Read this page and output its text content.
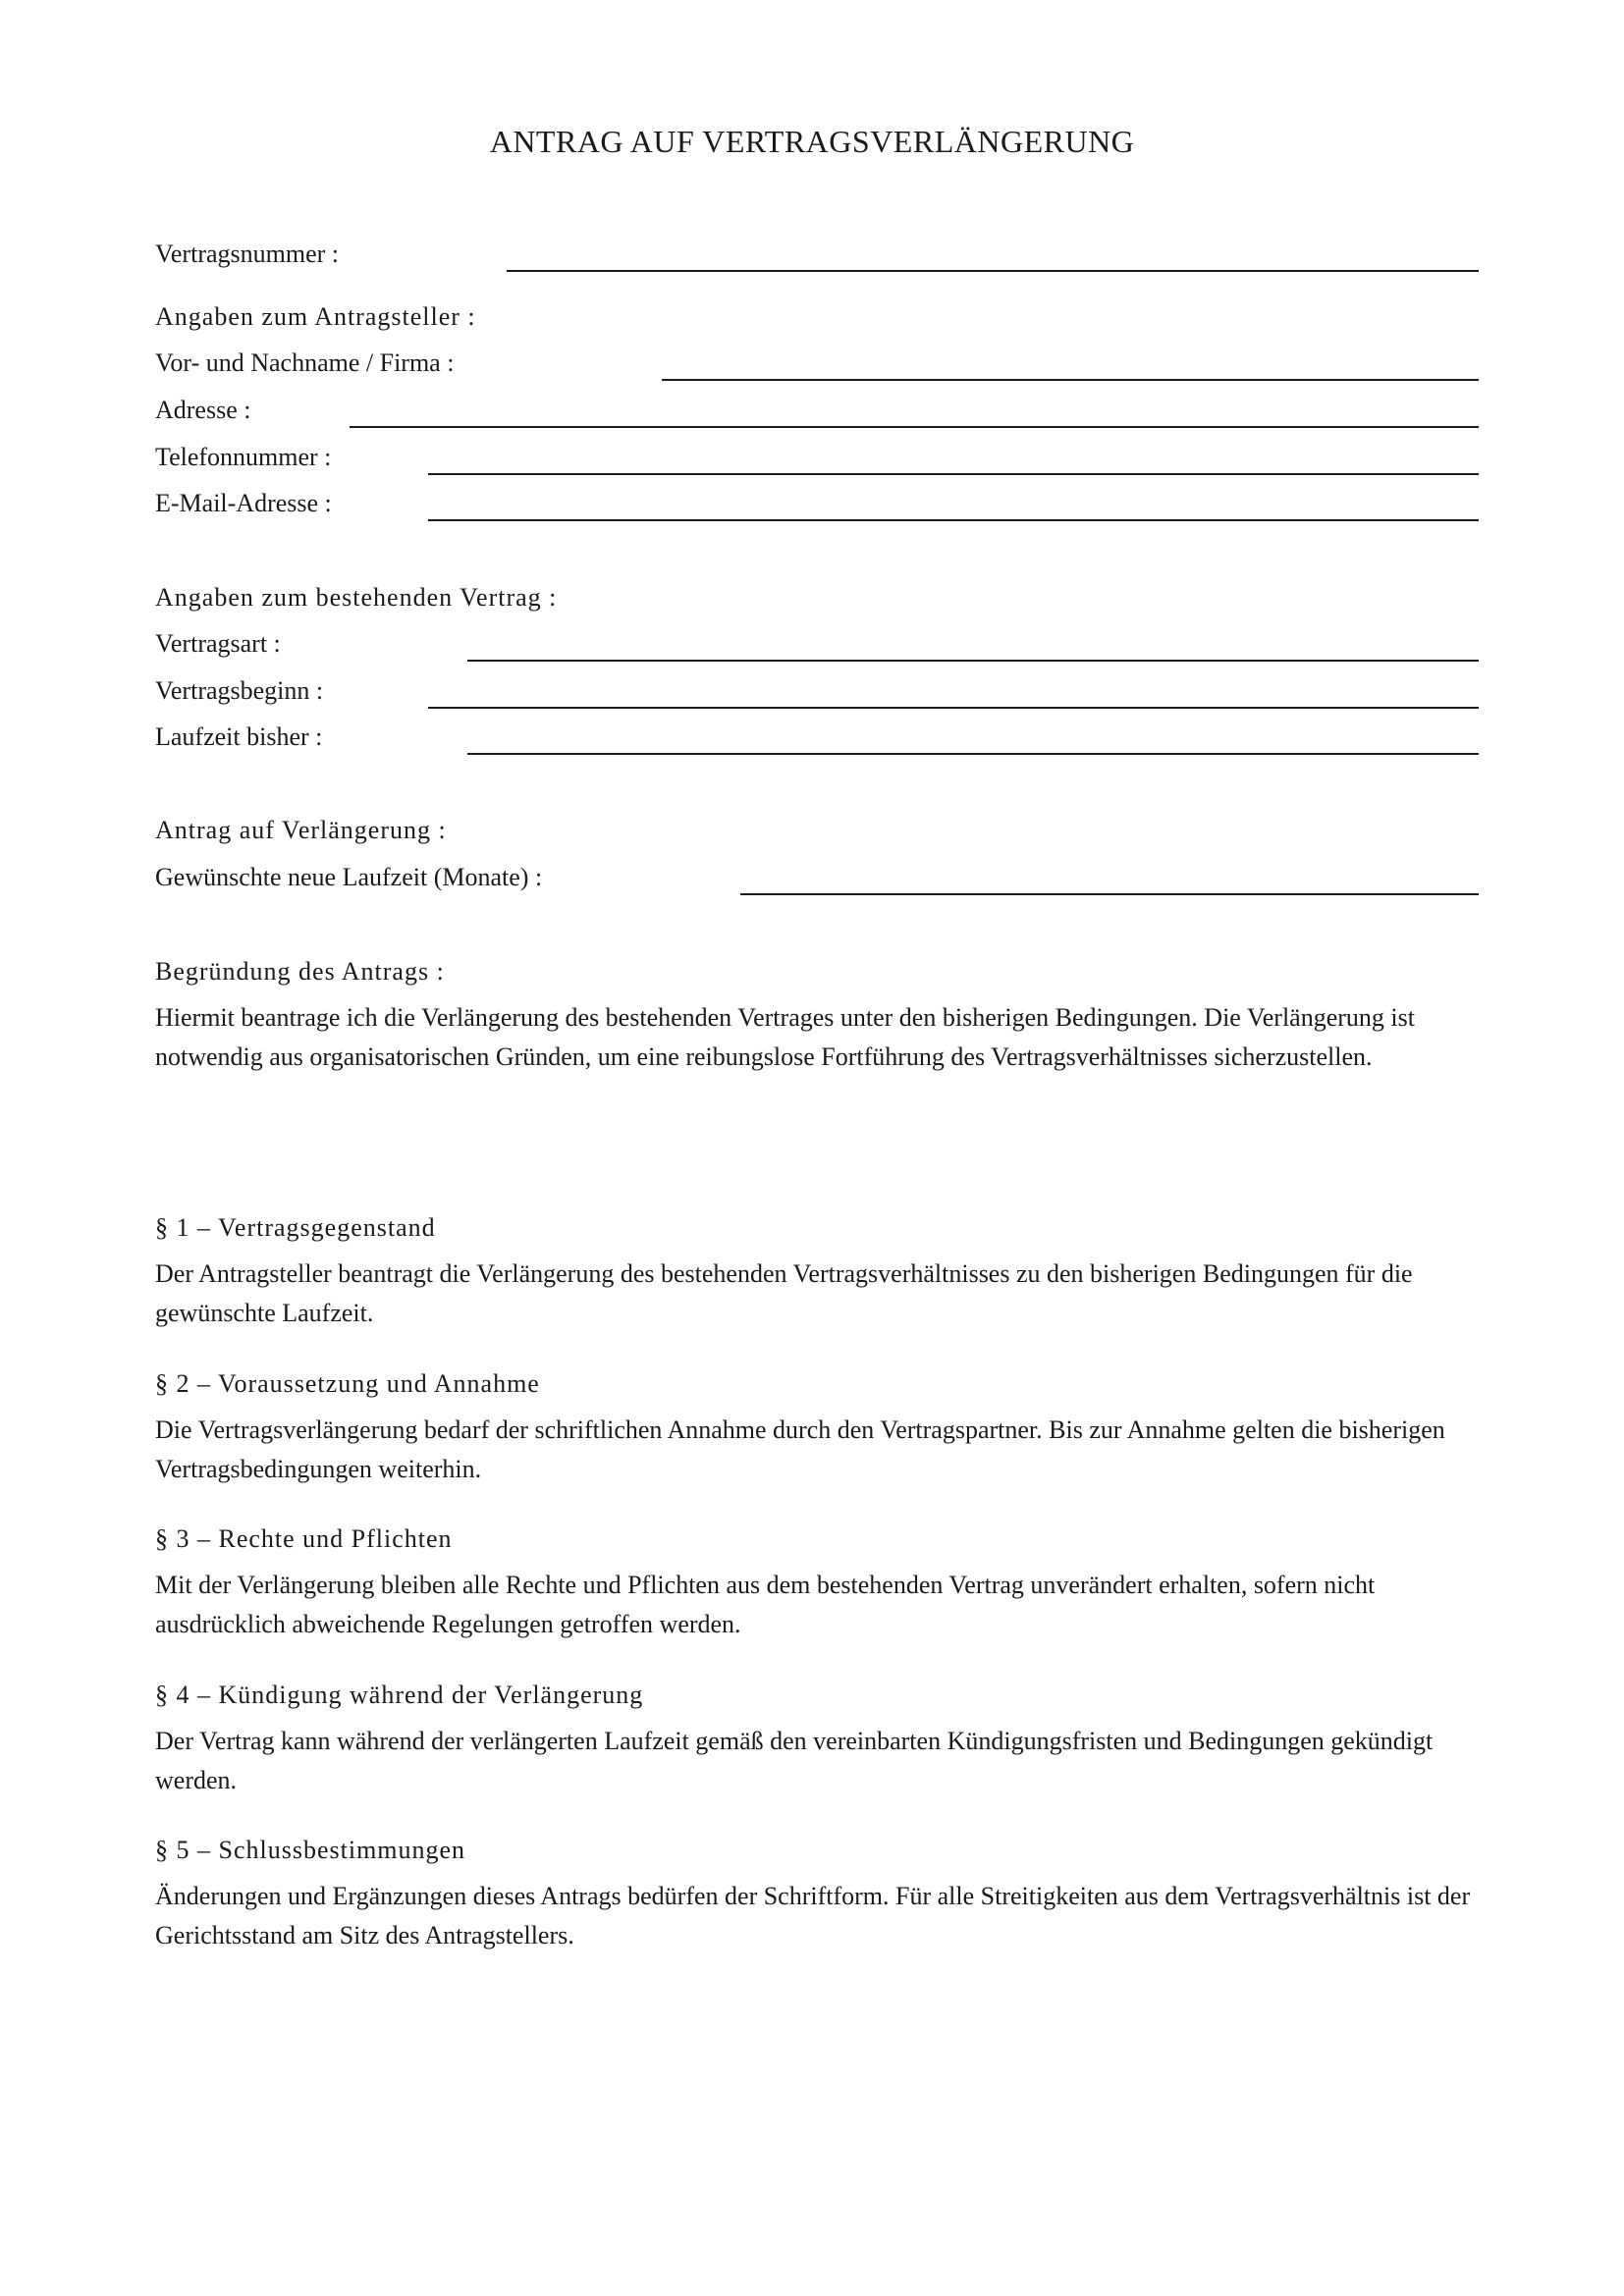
ANTRAG AUF VERTRAGSVERLÄNGERUNG
Vertragsnummer :
Angaben zum Antragsteller :
Vor- und Nachname / Firma :
Adresse :
Telefonnummer :
E-Mail-Adresse :
Angaben zum bestehenden Vertrag :
Vertragsart :
Vertragsbeginn :
Laufzeit bisher :
Antrag auf Verlängerung :
Gewünschte neue Laufzeit (Monate) :
Begründung des Antrags :
Hiermit beantrage ich die Verlängerung des bestehenden Vertrages unter den bisherigen Bedingungen. Die Verlängerung ist notwendig aus organisatorischen Gründen, um eine reibungslose Fortführung des Vertragsverhältnisses sicherzustellen.
§ 1 – Vertragsgegenstand
Der Antragsteller beantragt die Verlängerung des bestehenden Vertragsverhältnisses zu den bisherigen Bedingungen für die gewünschte Laufzeit.
§ 2 – Voraussetzung und Annahme
Die Vertragsverlängerung bedarf der schriftlichen Annahme durch den Vertragspartner. Bis zur Annahme gelten die bisherigen Vertragsbedingungen weiterhin.
§ 3 – Rechte und Pflichten
Mit der Verlängerung bleiben alle Rechte und Pflichten aus dem bestehenden Vertrag unverändert erhalten, sofern nicht ausdrücklich abweichende Regelungen getroffen werden.
§ 4 – Kündigung während der Verlängerung
Der Vertrag kann während der verlängerten Laufzeit gemäß den vereinbarten Kündigungsfristen und Bedingungen gekündigt werden.
§ 5 – Schlussbestimmungen
Änderungen und Ergänzungen dieses Antrags bedürfen der Schriftform. Für alle Streitigkeiten aus dem Vertragsverhältnis ist der Gerichtsstand am Sitz des Antragstellers.
